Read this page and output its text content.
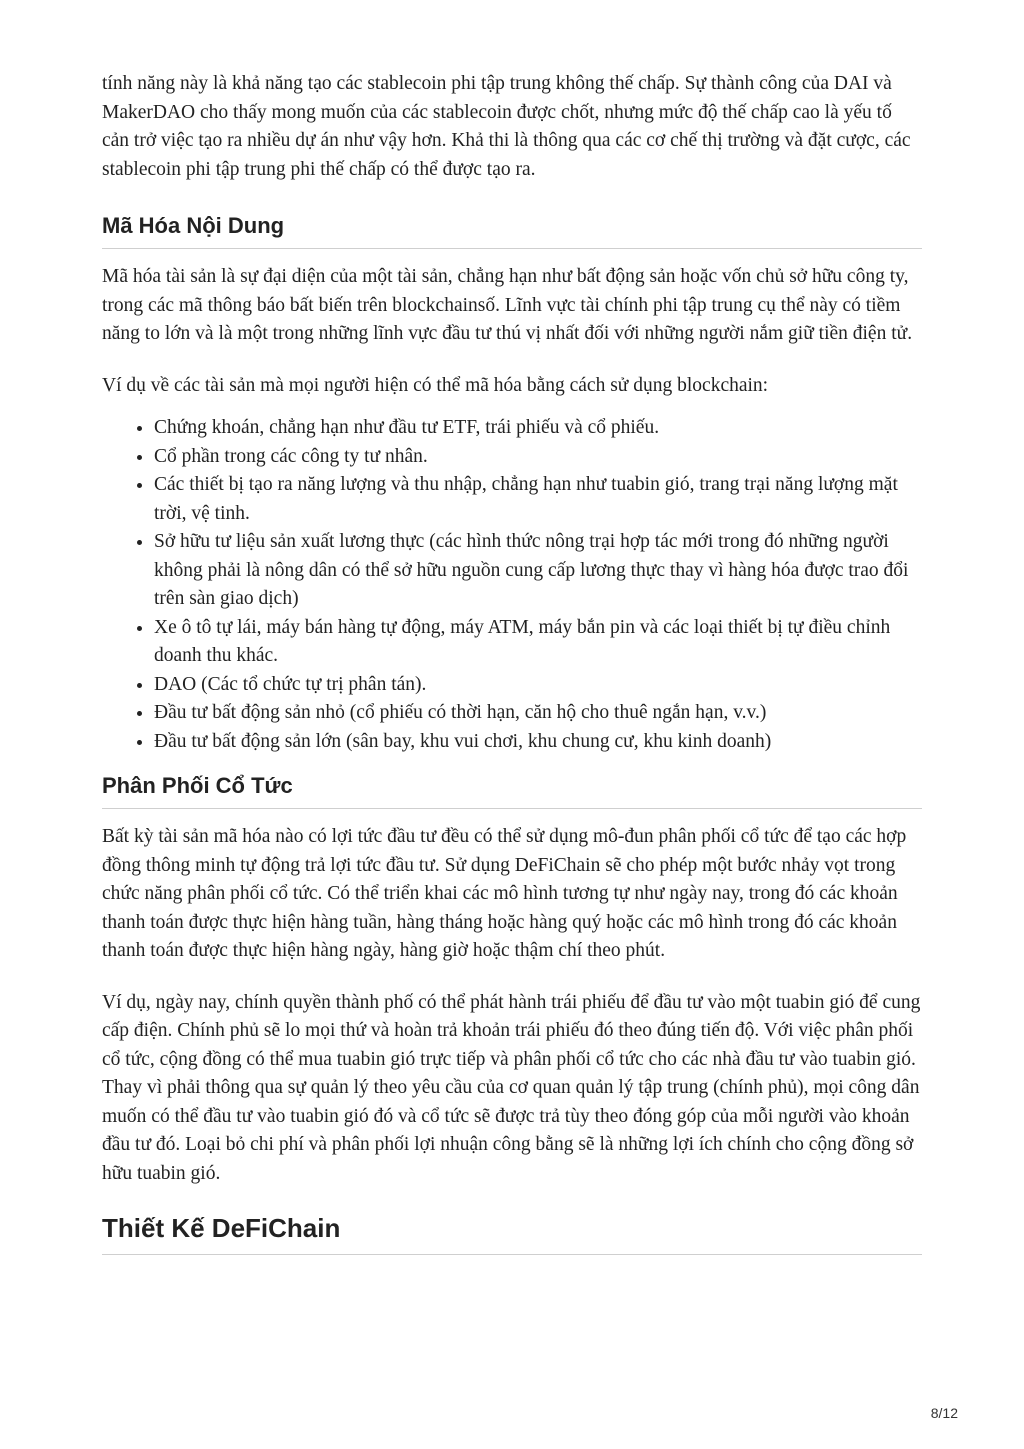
tính năng này là khả năng tạo các stablecoin phi tập trung không thế chấp. Sự thành công của DAI và MakerDAO cho thấy mong muốn của các stablecoin được chốt, nhưng mức độ thế chấp cao là yếu tố cản trở việc tạo ra nhiều dự án như vậy hơn. Khả thi là thông qua các cơ chế thị trường và đặt cược, các stablecoin phi tập trung phi thế chấp có thể được tạo ra.

Mã Hóa Nội Dung

Mã hóa tài sản là sự đại diện của một tài sản, chẳng hạn như bất động sản hoặc vốn chủ sở hữu công ty, trong các mã thông báo bất biến trên blockchainsố. Lĩnh vực tài chính phi tập trung cụ thể này có tiềm năng to lớn và là một trong những lĩnh vực đầu tư thú vị nhất đối với những người nắm giữ tiền điện tử.

Ví dụ về các tài sản mà mọi người hiện có thể mã hóa bằng cách sử dụng blockchain:

• Chứng khoán, chẳng hạn như đầu tư ETF, trái phiếu và cổ phiếu.
• Cổ phần trong các công ty tư nhân.
• Các thiết bị tạo ra năng lượng và thu nhập, chẳng hạn như tuabin gió, trang trại năng lượng mặt trời, vệ tinh.
• Sở hữu tư liệu sản xuất lương thực (các hình thức nông trại hợp tác mới trong đó những người không phải là nông dân có thể sở hữu nguồn cung cấp lương thực thay vì hàng hóa được trao đổi trên sàn giao dịch)
• Xe ô tô tự lái, máy bán hàng tự động, máy ATM, máy bắn pin và các loại thiết bị tự điều chỉnh doanh thu khác.
• DAO (Các tổ chức tự trị phân tán).
• Đầu tư bất động sản nhỏ (cổ phiếu có thời hạn, căn hộ cho thuê ngắn hạn, v.v.)
• Đầu tư bất động sản lớn (sân bay, khu vui chơi, khu chung cư, khu kinh doanh)
Phân Phối Cổ Tức

Bất kỳ tài sản mã hóa nào có lợi tức đầu tư đều có thể sử dụng mô-đun phân phối cổ tức để tạo các hợp đồng thông minh tự động trả lợi tức đầu tư. Sử dụng DeFiChain sẽ cho phép một bước nhảy vọt trong chức năng phân phối cổ tức. Có thể triển khai các mô hình tương tự như ngày nay, trong đó các khoản thanh toán được thực hiện hàng tuần, hàng tháng hoặc hàng quý hoặc các mô hình trong đó các khoản thanh toán được thực hiện hàng ngày, hàng giờ hoặc thậm chí theo phút.

Ví dụ, ngày nay, chính quyền thành phố có thể phát hành trái phiếu để đầu tư vào một tuabin gió để cung cấp điện. Chính phủ sẽ lo mọi thứ và hoàn trả khoản trái phiếu đó theo đúng tiến độ. Với việc phân phối cổ tức, cộng đồng có thể mua tuabin gió trực tiếp và phân phối cổ tức cho các nhà đầu tư vào tuabin gió. Thay vì phải thông qua sự quản lý theo yêu cầu của cơ quan quản lý tập trung (chính phủ), mọi công dân muốn có thể đầu tư vào tuabin gió đó và cổ tức sẽ được trả tùy theo đóng góp của mỗi người vào khoản đầu tư đó. Loại bỏ chi phí và phân phối lợi nhuận công bằng sẽ là những lợi ích chính cho cộng đồng sở hữu tuabin gió.

Thiết Kế DeFiChain
8/12
